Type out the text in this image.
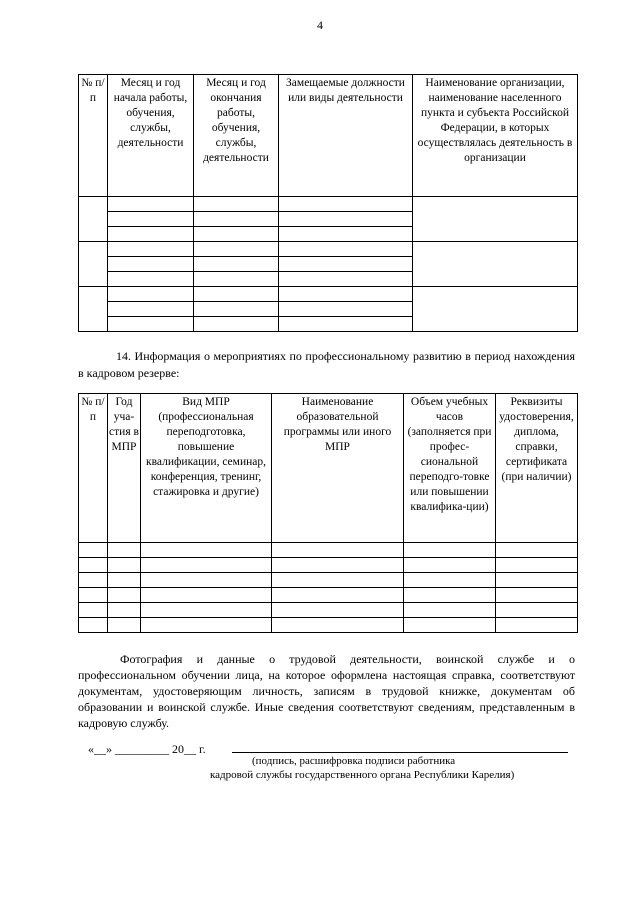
4
№ п/п	Месяц и год начала работы, обучения, службы, деятельности	Месяц и год окончания работы, обучения, службы, деятельности	Замещаемые должности или виды деятельности	Наименование организации, наименование населенного пункта и субъекта Российской Федерации, в которых осуществлялась деятельность в организации

14. Информация о мероприятиях по профессиональному развитию в период нахождения в кадровом резерве:
№ п/п	Год уча-стия в МПР	Вид МПР (профессиональная переподготовка, повышение квалификации, семинар, конференция, тренинг, стажировка и другие)	Наименование образовательной программы или иного МПР	Объем учебных часов (заполняется при профес-сиональной переподго-товке или повышении квалифика-ции)	Реквизиты удостоверения, диплома, справки, сертификата (при наличии)

Фотография и данные о трудовой деятельности, воинской службе и о профессиональном обучении лица, на которое оформлена настоящая справка, соответствуют документам, удостоверяющим личность, записям в трудовой книжке, документам об образовании и воинской службе. Иные сведения соответствуют сведениям, представленным в кадровую службу.
«__» _________ 20__ г.
(подпись, расшифровка подписи работника
кадровой службы государственного органа Республики Карелия)
